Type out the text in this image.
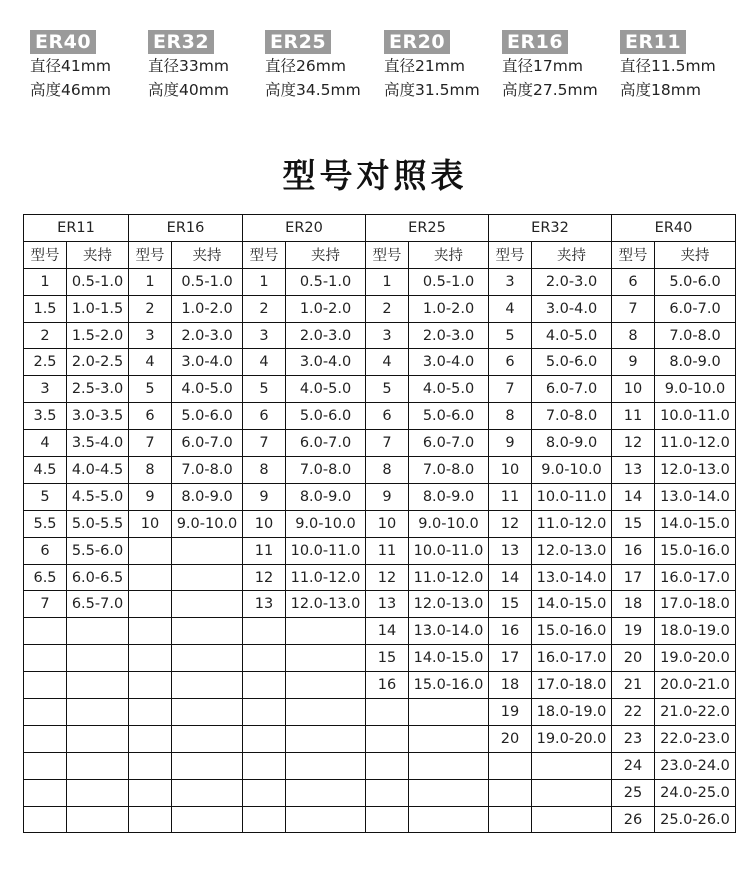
ER40
直径41mm
高度46mm
ER32
直径33mm
高度40mm
ER25
直径26mm
高度34.5mm
ER20
直径21mm
高度31.5mm
ER16
直径17mm
高度27.5mm
ER11
直径11.5mm
高度18mm
型号对照表
ER11		ER16		ER20		ER25		ER32		ER40	
型号	夹持	型号	夹持	型号	夹持	型号	夹持	型号	夹持	型号	夹持
1	0.5-1.0	1	0.5-1.0	1	0.5-1.0	1	0.5-1.0	3	2.0-3.0	6	5.0-6.0
1.5	1.0-1.5	2	1.0-2.0	2	1.0-2.0	2	1.0-2.0	4	3.0-4.0	7	6.0-7.0
2	1.5-2.0	3	2.0-3.0	3	2.0-3.0	3	2.0-3.0	5	4.0-5.0	8	7.0-8.0
2.5	2.0-2.5	4	3.0-4.0	4	3.0-4.0	4	3.0-4.0	6	5.0-6.0	9	8.0-9.0
3	2.5-3.0	5	4.0-5.0	5	4.0-5.0	5	4.0-5.0	7	6.0-7.0	10	9.0-10.0
3.5	3.0-3.5	6	5.0-6.0	6	5.0-6.0	6	5.0-6.0	8	7.0-8.0	11	10.0-11.0
4	3.5-4.0	7	6.0-7.0	7	6.0-7.0	7	6.0-7.0	9	8.0-9.0	12	11.0-12.0
4.5	4.0-4.5	8	7.0-8.0	8	7.0-8.0	8	7.0-8.0	10	9.0-10.0	13	12.0-13.0
5	4.5-5.0	9	8.0-9.0	9	8.0-9.0	9	8.0-9.0	11	10.0-11.0	14	13.0-14.0
5.5	5.0-5.5	10	9.0-10.0	10	9.0-10.0	10	9.0-10.0	12	11.0-12.0	15	14.0-15.0
6	5.5-6.0			11	10.0-11.0	11	10.0-11.0	13	12.0-13.0	16	15.0-16.0
6.5	6.0-6.5			12	11.0-12.0	12	11.0-12.0	14	13.0-14.0	17	16.0-17.0
7	6.5-7.0			13	12.0-13.0	13	12.0-13.0	15	14.0-15.0	18	17.0-18.0
						14	13.0-14.0	16	15.0-16.0	19	18.0-19.0
						15	14.0-15.0	17	16.0-17.0	20	19.0-20.0
						16	15.0-16.0	18	17.0-18.0	21	20.0-21.0
								19	18.0-19.0	22	21.0-22.0
								20	19.0-20.0	23	22.0-23.0
										24	23.0-24.0
										25	24.0-25.0
										26	25.0-26.0
